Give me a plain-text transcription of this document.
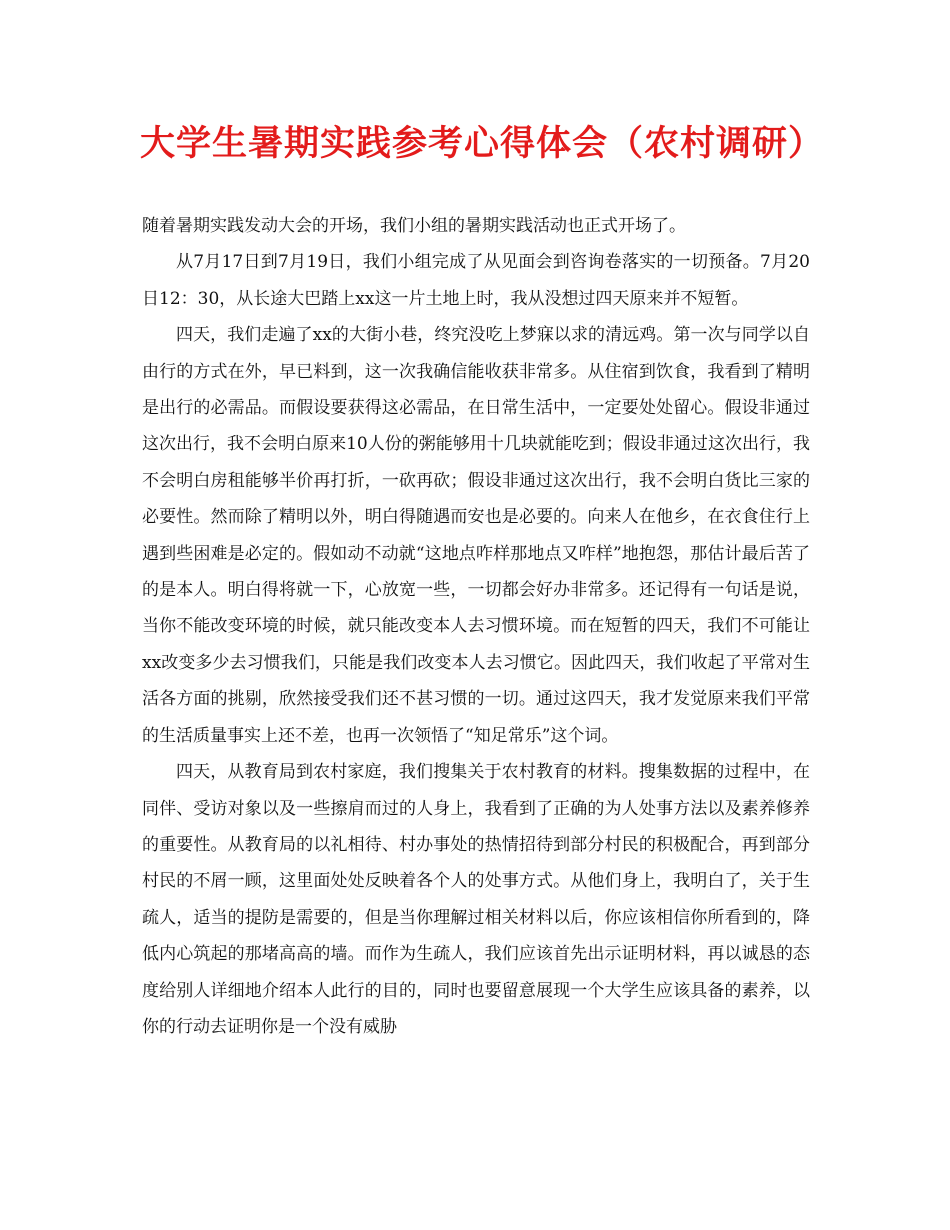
大学生暑期实践参考心得体会（农村调研）

随着暑期实践发动大会的开场，我们小组的暑期实践活动也正式开场了。

从7月17日到7月19日，我们小组完成了从见面会到咨询卷落实的一切预备。7月20日12：30，从长途大巴踏上xx这一片土地上时，我从没想过四天原来并不短暂。

四天，我们走遍了xx的大街小巷，终究没吃上梦寐以求的清远鸡。第一次与同学以自由行的方式在外，早已料到，这一次我确信能收获非常多。从住宿到饮食，我看到了精明是出行的必需品。而假设要获得这必需品，在日常生活中，一定要处处留心。假设非通过这次出行，我不会明白原来10人份的粥能够用十几块就能吃到；假设非通过这次出行，我不会明白房租能够半价再打折，一砍再砍；假设非通过这次出行，我不会明白货比三家的必要性。然而除了精明以外，明白得随遇而安也是必要的。向来人在他乡，在衣食住行上遇到些困难是必定的。假如动不动就“这地点咋样那地点又咋样”地抱怨，那估计最后苦了的是本人。明白得将就一下，心放宽一些，一切都会好办非常多。还记得有一句话是说，当你不能改变环境的时候，就只能改变本人去习惯环境。而在短暂的四天，我们不可能让xx改变多少去习惯我们，只能是我们改变本人去习惯它。因此四天，我们收起了平常对生活各方面的挑剔，欣然接受我们还不甚习惯的一切。通过这四天，我才发觉原来我们平常的生活质量事实上还不差，也再一次领悟了“知足常乐”这个词。

四天，从教育局到农村家庭，我们搜集关于农村教育的材料。搜集数据的过程中，在同伴、受访对象以及一些擦肩而过的人身上，我看到了正确的为人处事方法以及素养修养的重要性。从教育局的以礼相待、村办事处的热情招待到部分村民的积极配合，再到部分村民的不屑一顾，这里面处处反映着各个人的处事方式。从他们身上，我明白了，关于生疏人，适当的提防是需要的，但是当你理解过相关材料以后，你应该相信你所看到的，降低内心筑起的那堵高高的墙。而作为生疏人，我们应该首先出示证明材料，再以诚恳的态度给别人详细地介绍本人此行的目的，同时也要留意展现一个大学生应该具备的素养，以你的行动去证明你是一个没有威胁
